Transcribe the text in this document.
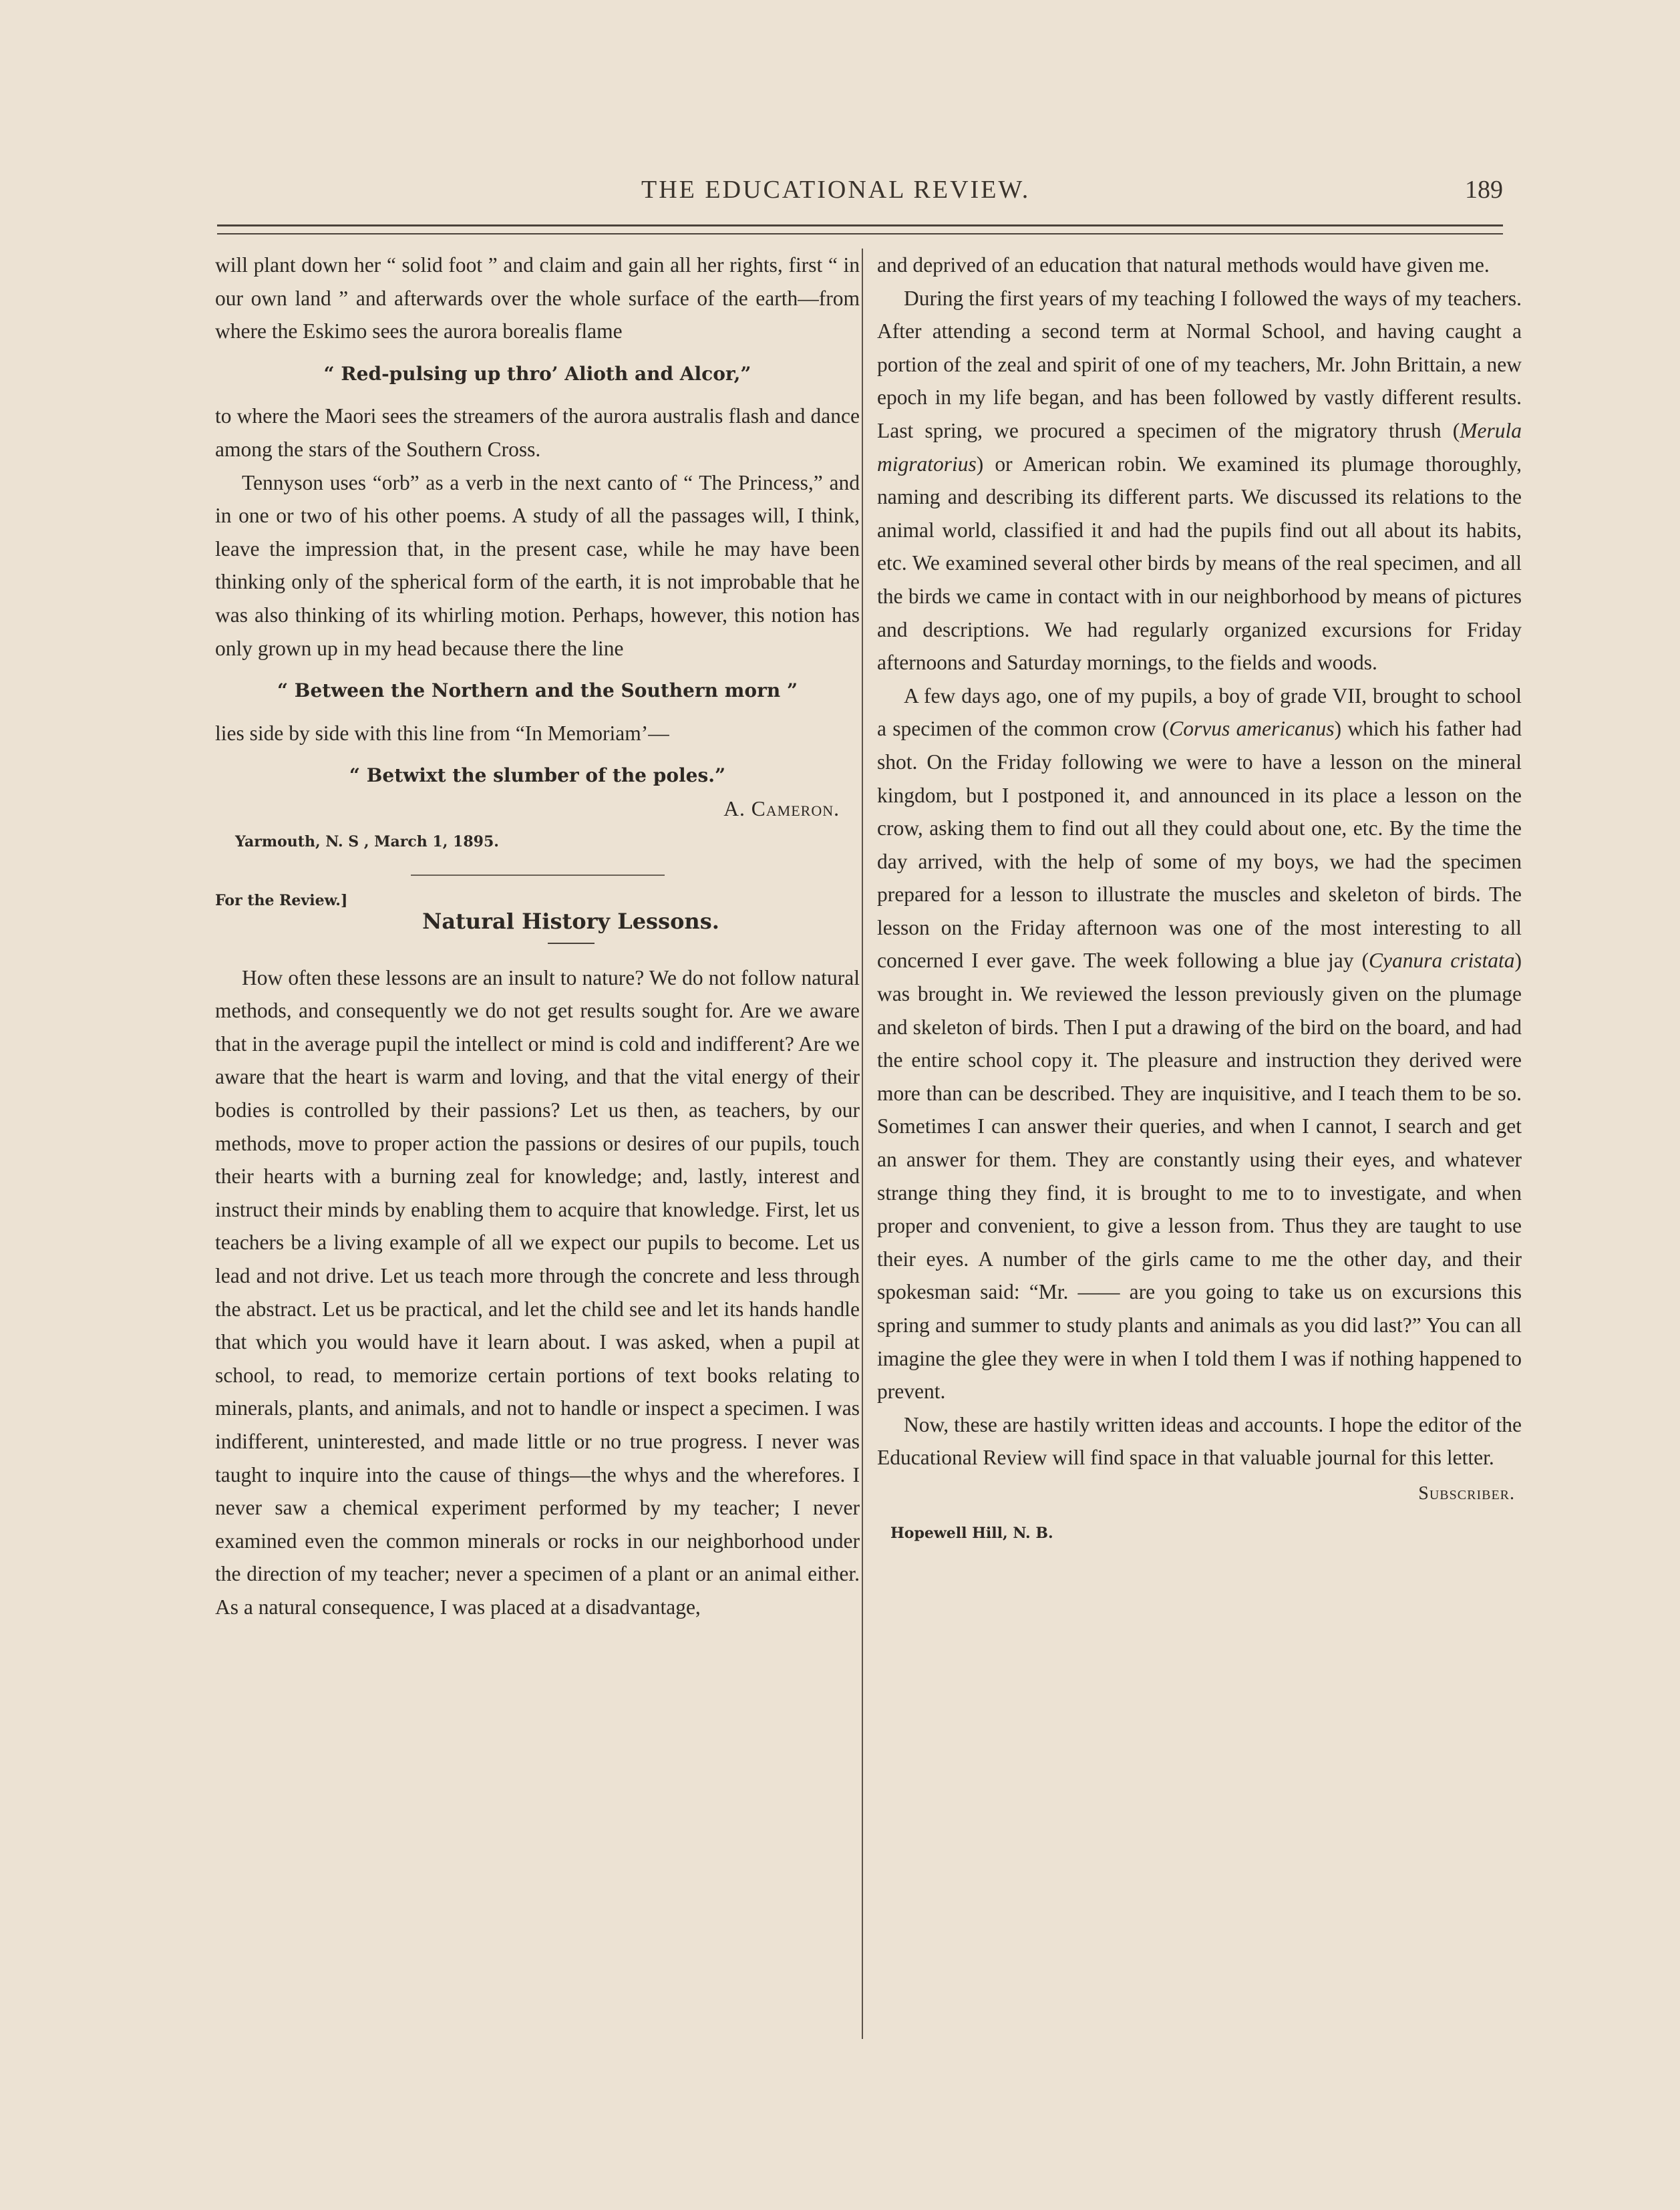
THE EDUCATIONAL REVIEW.	189

will plant down her “ solid foot ” and claim and gain all her rights, first “ in our own land ” and afterwards over the whole surface of the earth—from where the Eskimo sees the aurora borealis flame

“ Red-pulsing up thro’ Alioth and Alcor,”

to where the Maori sees the streamers of the aurora australis flash and dance among the stars of the Southern Cross.

Tennyson uses “orb” as a verb in the next canto of “ The Princess,” and in one or two of his other poems. A study of all the passages will, I think, leave the impression that, in the present case, while he may have been thinking only of the spherical form of the earth, it is not improbable that he was also thinking of its whirling motion. Perhaps, however, this notion has only grown up in my head because there the line

“ Between the Northern and the Southern morn ”

lies side by side with this line from “In Memoriam’—

“ Betwixt the slumber of the poles.”

A. Cameron.

Yarmouth, N. S , March 1, 1895.

For the Review.]

Natural History Lessons.

How often these lessons are an insult to nature? We do not follow natural methods, and consequently we do not get results sought for. Are we aware that in the average pupil the intellect or mind is cold and indifferent? Are we aware that the heart is warm and loving, and that the vital energy of their bodies is controlled by their passions? Let us then, as teachers, by our methods, move to proper action the passions or desires of our pupils, touch their hearts with a burning zeal for knowledge; and, lastly, interest and instruct their minds by enabling them to acquire that knowledge. First, let us teachers be a living example of all we expect our pupils to become. Let us lead and not drive. Let us teach more through the concrete and less through the abstract. Let us be practical, and let the child see and let its hands handle that which you would have it learn about. I was asked, when a pupil at school, to read, to memorize certain portions of text books relating to minerals, plants, and animals, and not to handle or inspect a specimen. I was indifferent, uninterested, and made little or no true progress. I never was taught to inquire into the cause of things—the whys and the wherefores. I never saw a chemical experiment performed by my teacher; I never examined even the common minerals or rocks in our neighborhood under the direction of my teacher; never a specimen of a plant or an animal either. As a natural consequence, I was placed at a disadvantage,

and deprived of an education that natural methods would have given me.

During the first years of my teaching I followed the ways of my teachers. After attending a second term at Normal School, and having caught a portion of the zeal and spirit of one of my teachers, Mr. John Brittain, a new epoch in my life began, and has been followed by vastly different results. Last spring, we procured a specimen of the migratory thrush (Merula migratorius) or American robin. We examined its plumage thoroughly, naming and describing its different parts. We discussed its relations to the animal world, classified it and had the pupils find out all about its habits, etc. We examined several other birds by means of the real specimen, and all the birds we came in contact with in our neighborhood by means of pictures and descriptions. We had regularly organized excursions for Friday afternoons and Saturday mornings, to the fields and woods.

A few days ago, one of my pupils, a boy of grade VII, brought to school a specimen of the common crow (Corvus americanus) which his father had shot. On the Friday following we were to have a lesson on the mineral kingdom, but I postponed it, and announced in its place a lesson on the crow, asking them to find out all they could about one, etc. By the time the day arrived, with the help of some of my boys, we had the specimen prepared for a lesson to illustrate the muscles and skeleton of birds. The lesson on the Friday afternoon was one of the most interesting to all concerned I ever gave. The week following a blue jay (Cyanura cristata) was brought in. We reviewed the lesson previously given on the plumage and skeleton of birds. Then I put a drawing of the bird on the board, and had the entire school copy it. The pleasure and instruction they derived were more than can be described. They are inquisitive, and I teach them to be so. Sometimes I can answer their queries, and when I cannot, I search and get an answer for them. They are constantly using their eyes, and whatever strange thing they find, it is brought to me to to investigate, and when proper and convenient, to give a lesson from. Thus they are taught to use their eyes. A number of the girls came to me the other day, and their spokesman said: “Mr. —— are you going to take us on excursions this spring and summer to study plants and animals as you did last?” You can all imagine the glee they were in when I told them I was if nothing happened to prevent.

Now, these are hastily written ideas and accounts. I hope the editor of the Educational Review will find space in that valuable journal for this letter.

Subscriber.

Hopewell Hill, N. B.
